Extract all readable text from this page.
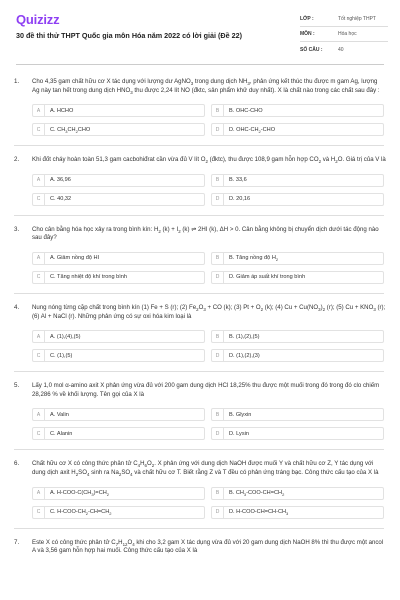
Quizizz
30 đề thi thử THPT Quốc gia môn Hóa năm 2022 có lời giải (Đề 22)
LỚP :	Tốt nghiệp THPT
MÔN :	Hóa học
SỐ CÂU :	40
1. Cho 4,35 gam chất hữu cơ X tác dụng với lượng dư AgNO$_3$ trong dung dịch $NH_3$, phản ứng kết thúc thu được m gam Ag, lượng Ag này tan hết trong dung dịch $HNO_3$ thu được 2,24 lít NO (đktc, sản phẩm khử duy nhất). X là chất nào trong các chất sau đây :
A	A. HCHO	B	B. OHC-CHO
C	C. $CH_3CH_2CHO$	D	D. OHC-$CH_2$-CHO
2. Khi đốt cháy hoàn toàn 51,3 gam cacbohiđrat cần vừa đủ V lít $O_2$ (đktc), thu được 108,9 gam hỗn hợp $CO_2$ và $H_2O$. Giá trị của V là
A	A. 36,96	B	B. 33,6
C	C. 40,32	D	D. 20,16
3. Cho cân bằng hóa học xảy ra trong bình kín: $H_2$ $(k) + I_2$ (k) ⇌ 2HI (k), ΔH > 0. Cân bằng không bị chuyển dịch dưới tác động nào sau đây?
A	A. Giảm nồng độ HI	B	B. Tăng nồng độ $H_2$
C	C. Tăng nhiệt độ khí trong bình	D	D. Giảm áp suất khí trong bình
4. Nung nóng từng cặp chất trong bình kín (1) Fe + S (r); (2) $Fe_2O_3$ + CO (k); (3) $Pt + O_2$ (k); (4) $Cu + Cu(NO_3)_2$ (r); (5) $Cu + KNO_3$ (r); (6) Al + NaCl (r). Những phản ứng có sự oxi hóa kim loại là
A	A. (1),(4),(5)	B	B. (1),(2),(5)
C	C. (1),(5)	D	D. (1),(2),(3)
5. Lấy 1,0 mol α-amino axit X phản ứng vừa đủ với 200 gam dung dịch HCl 18,25% thu được một muối trong đó trong đó clo chiếm 28,286 % về khối lượng. Tên gọi của X là
A	A. Valin	B	B. Glyxin
C	C. Alanin	D	D. Lysin
6. Chất hữu cơ X có công thức phân tử $C_4H_6O_2$. X phản ứng với dung dịch NaOH được muối Y và chất hữu cơ Z, Y tác dụng với dung dịch axit $H_2SO_4$ sinh ra $Na_2SO_4$ và chất hữu cơ T. Biết rằng Z và T đều có phản ứng tráng bạc. Công thức cấu tạo của X là
A	A. $H-COO-C(CH_3)=CH_2$	B	B. $CH_3-COO-CH=CH_2$
C	C. $H-COO-CH_2-CH=CH_2$	D	D. $H-COO-CH=CH-CH_3$
7. Este X có công thức phân tử $C_7H_{12}O_4$ khi cho 3,2 gam X tác dụng vừa đủ với 20 gam dung dịch NaOH 8% thì thu được một ancol A và 3,56 gam hỗn hợp hai muối. Công thức cấu tạo của X là
